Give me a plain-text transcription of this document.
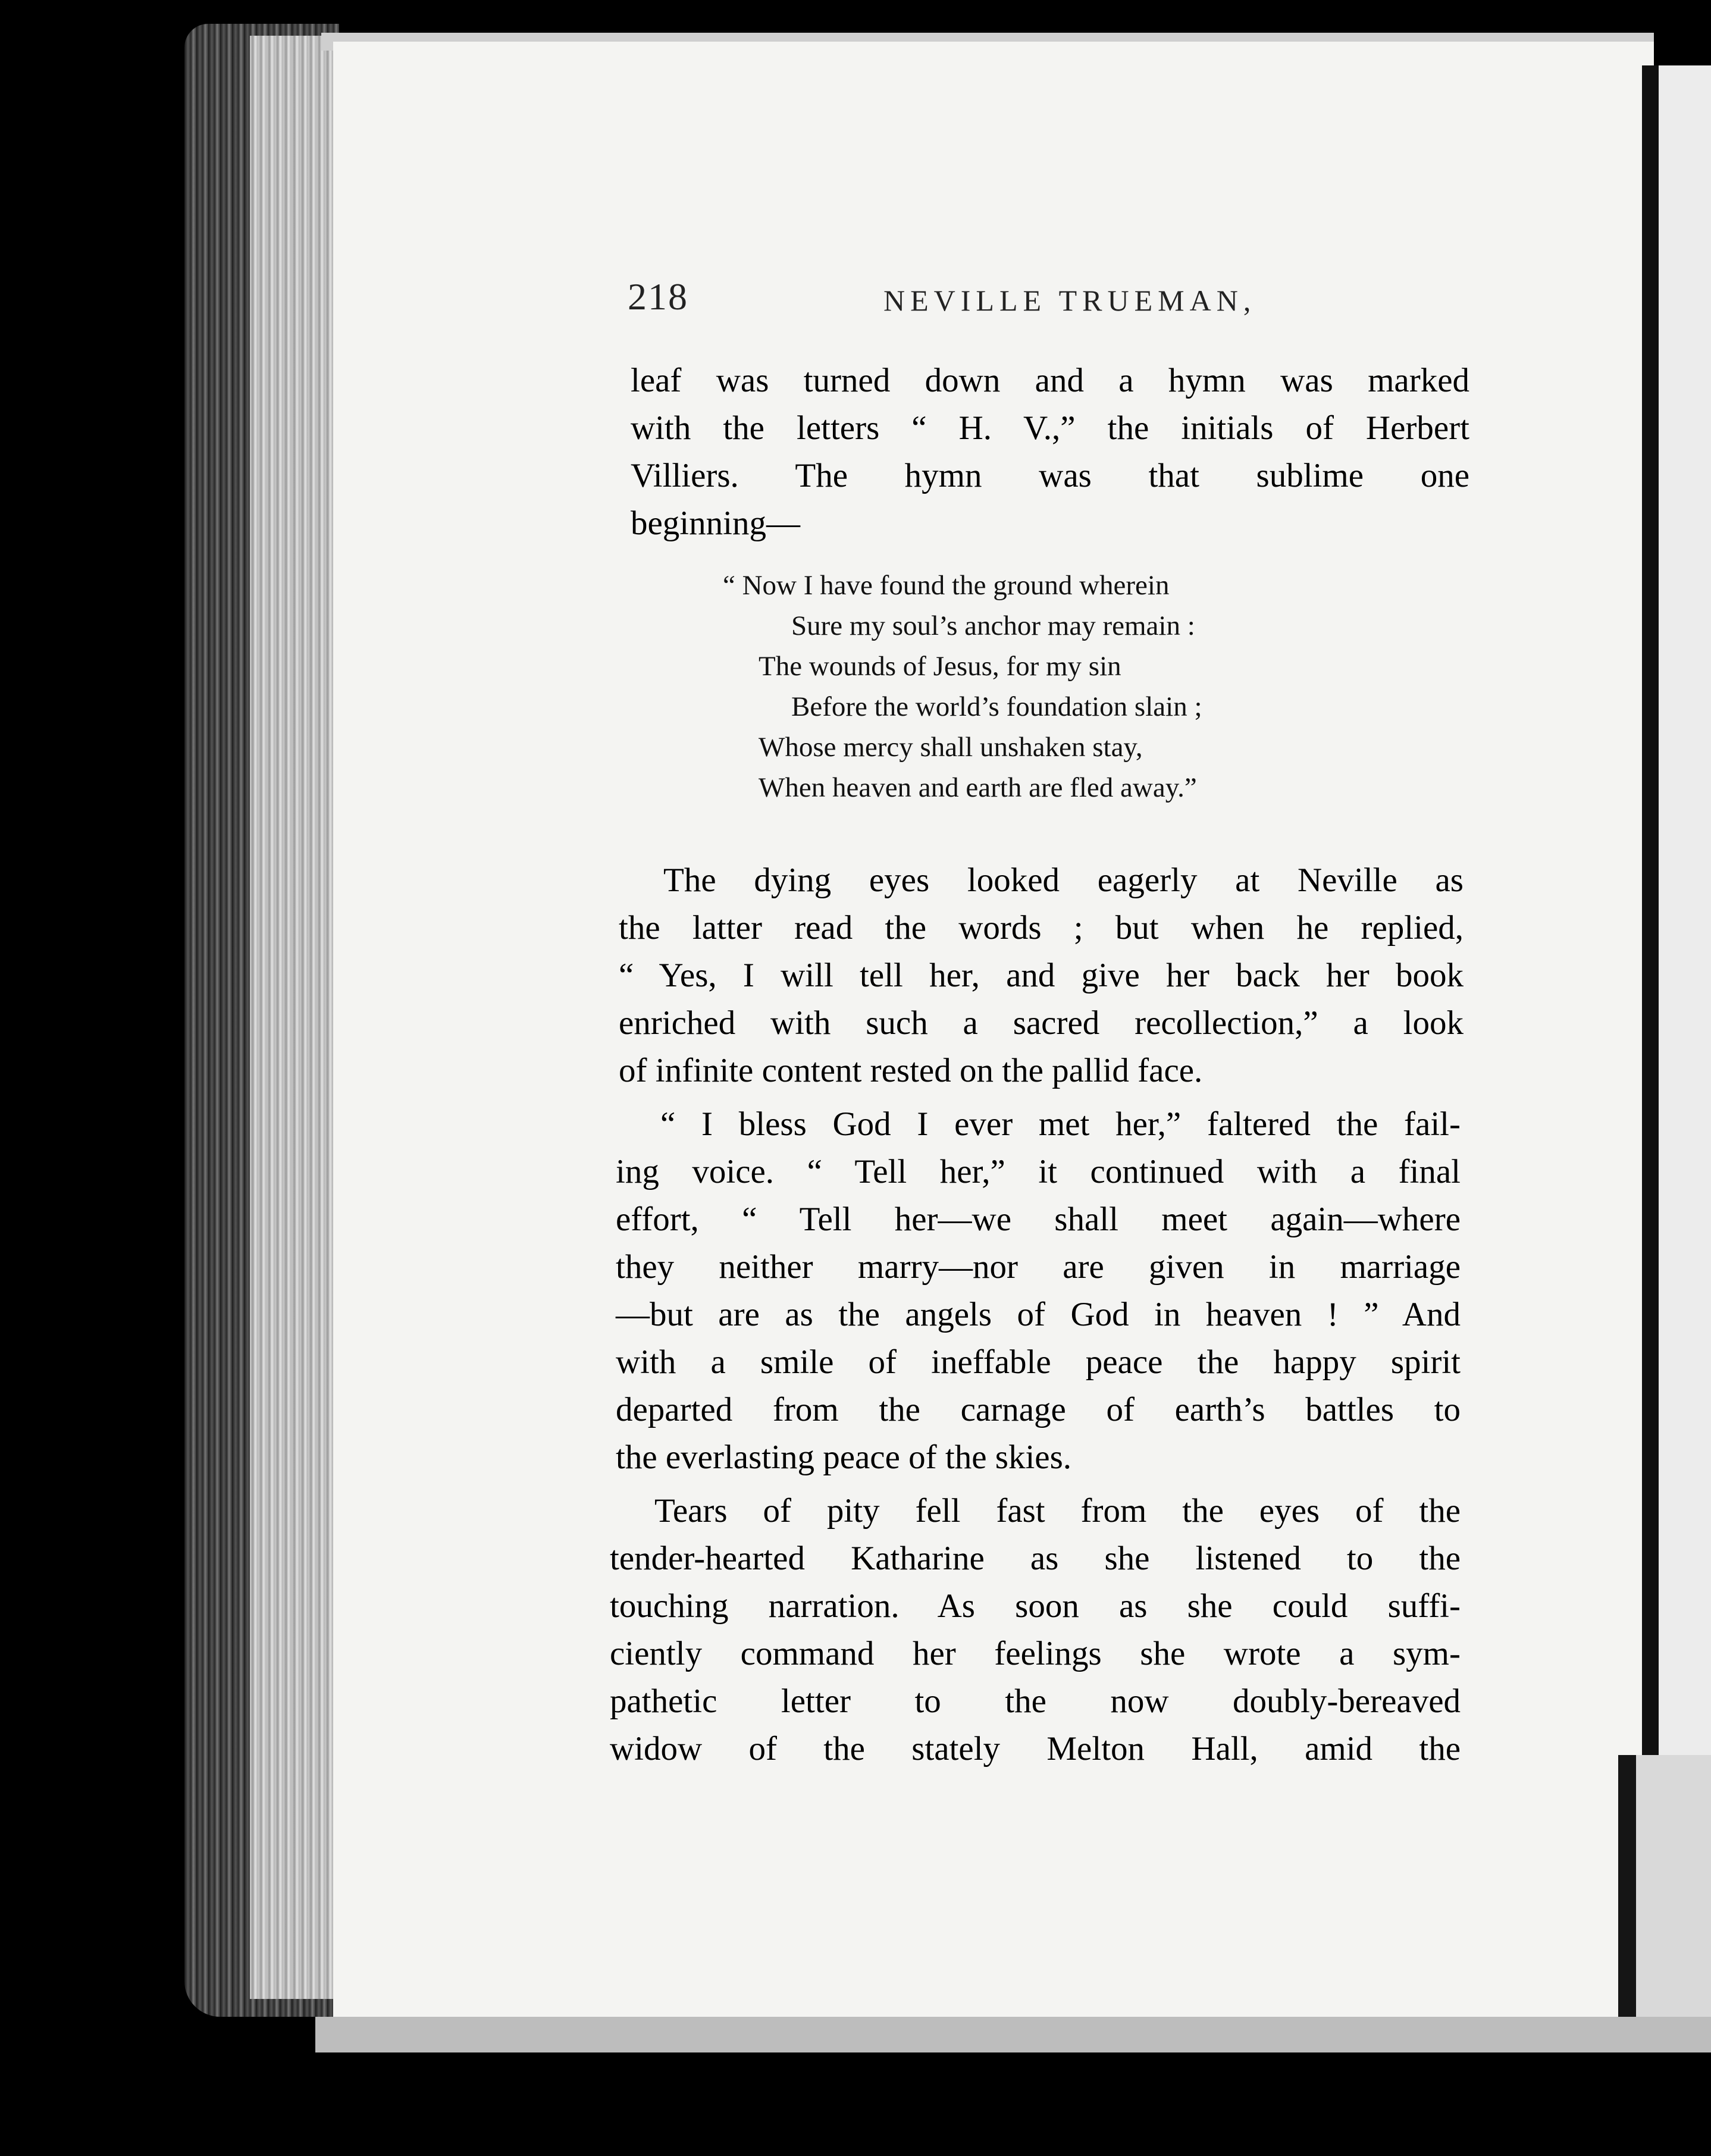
218	NEVILLE TRUEMAN,
leaf was turned down and a hymn was marked
with the letters “ H. V.,” the initials of Herbert
Villiers. The hymn was that sublime one
beginning—
“ Now I have found the ground wherein
Sure my soul’s anchor may remain :
The wounds of Jesus, for my sin
Before the world’s foundation slain ;
Whose mercy shall unshaken stay,
When heaven and earth are fled away.”
The dying eyes looked eagerly at Neville as
the latter read the words ; but when he replied,
“ Yes, I will tell her, and give her back her book
enriched with such a sacred recollection,” a look
of infinite content rested on the pallid face.
“ I bless God I ever met her,” faltered the fail-
ing voice. “ Tell her,” it continued with a final
effort, “ Tell her—we shall meet again—where
they neither marry—nor are given in marriage
—but are as the angels of God in heaven ! ” And
with a smile of ineffable peace the happy spirit
departed from the carnage of earth’s battles to
the everlasting peace of the skies.
Tears of pity fell fast from the eyes of the
tender-hearted Katharine as she listened to the
touching narration. As soon as she could suffi-
ciently command her feelings she wrote a sym-
pathetic letter to the now doubly-bereaved
widow of the stately Melton Hall, amid the
